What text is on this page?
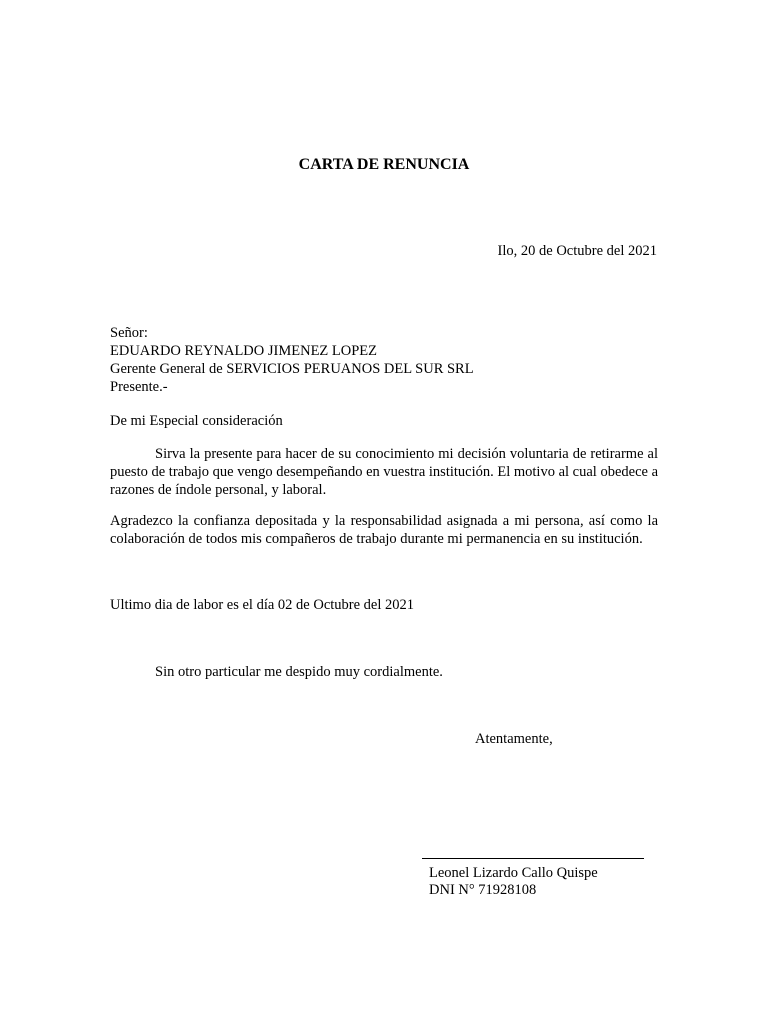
CARTA DE RENUNCIA
Ilo, 20 de Octubre del 2021
Señor:
EDUARDO REYNALDO JIMENEZ LOPEZ
Gerente General de SERVICIOS PERUANOS DEL SUR SRL
Presente.-
De mi Especial consideración
Sirva la presente para hacer de su conocimiento mi decisión voluntaria de retirarme al puesto de trabajo que vengo desempeñando en vuestra institución. El motivo al cual obedece a razones de índole personal, y laboral.
Agradezco la confianza depositada y la responsabilidad asignada a mi persona, así como la colaboración de todos mis compañeros de trabajo durante mi permanencia en su institución.
Ultimo dia de labor es el día 02 de Octubre del 2021
Sin otro particular me despido muy cordialmente.
Atentamente,
Leonel Lizardo Callo Quispe
DNI N° 71928108
